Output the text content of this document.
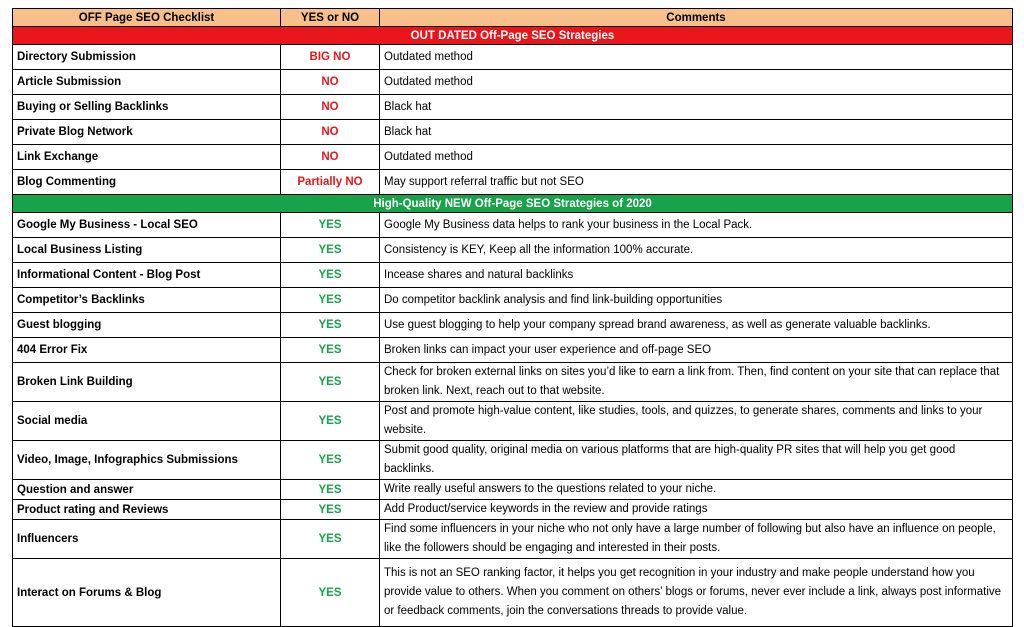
OFF Page SEO Checklist	YES or NO	Comments
OUT DATED Off-Page SEO Strategies		
Directory Submission	BIG NO	Outdated method
Article Submission	NO	Outdated method
Buying or Selling Backlinks	NO	Black hat
Private Blog Network	NO	Black hat
Link Exchange	NO	Outdated method
Blog Commenting	Partially NO	May support referral traffic but not SEO
High-Quality NEW Off-Page SEO Strategies of 2020		
Google My Business - Local SEO	YES	Google My Business data helps to rank your business in the Local Pack.
Local Business Listing	YES	Consistency is KEY, Keep all the information 100% accurate.
Informational Content - Blog Post	YES	Incease shares and natural backlinks
Competitor’s Backlinks	YES	Do competitor backlink analysis and find link-building opportunities
Guest blogging	YES	Use guest blogging to help your company spread brand awareness, as well as generate valuable backlinks.
404 Error Fix	YES	Broken links can impact your user experience and off-page SEO
Broken Link Building	YES	Check for broken external links on sites you’d like to earn a link from. Then, find content on your site that can replace that broken link. Next, reach out to that website.
Social media	YES	Post and promote high-value content, like studies, tools, and quizzes, to generate shares, comments and links to your website.
Video, Image, Infographics Submissions	YES	Submit good quality, original media on various platforms that are high-quality PR sites that will help you get good backlinks.
Question and answer	YES	Write really useful answers to the questions related to your niche.
Product rating and Reviews	YES	Add Product/service keywords in the review and provide ratings
Influencers	YES	Find some influencers in your niche who not only have a large number of following but also have an influence on people, like the followers should be engaging and interested in their posts.
Interact on Forums & Blog	YES	This is not an SEO ranking factor, it helps you get recognition in your industry and make people understand how you provide value to others. When you comment on others’ blogs or forums, never ever include a link, always post informative or feedback comments, join the conversations threads to provide value.
